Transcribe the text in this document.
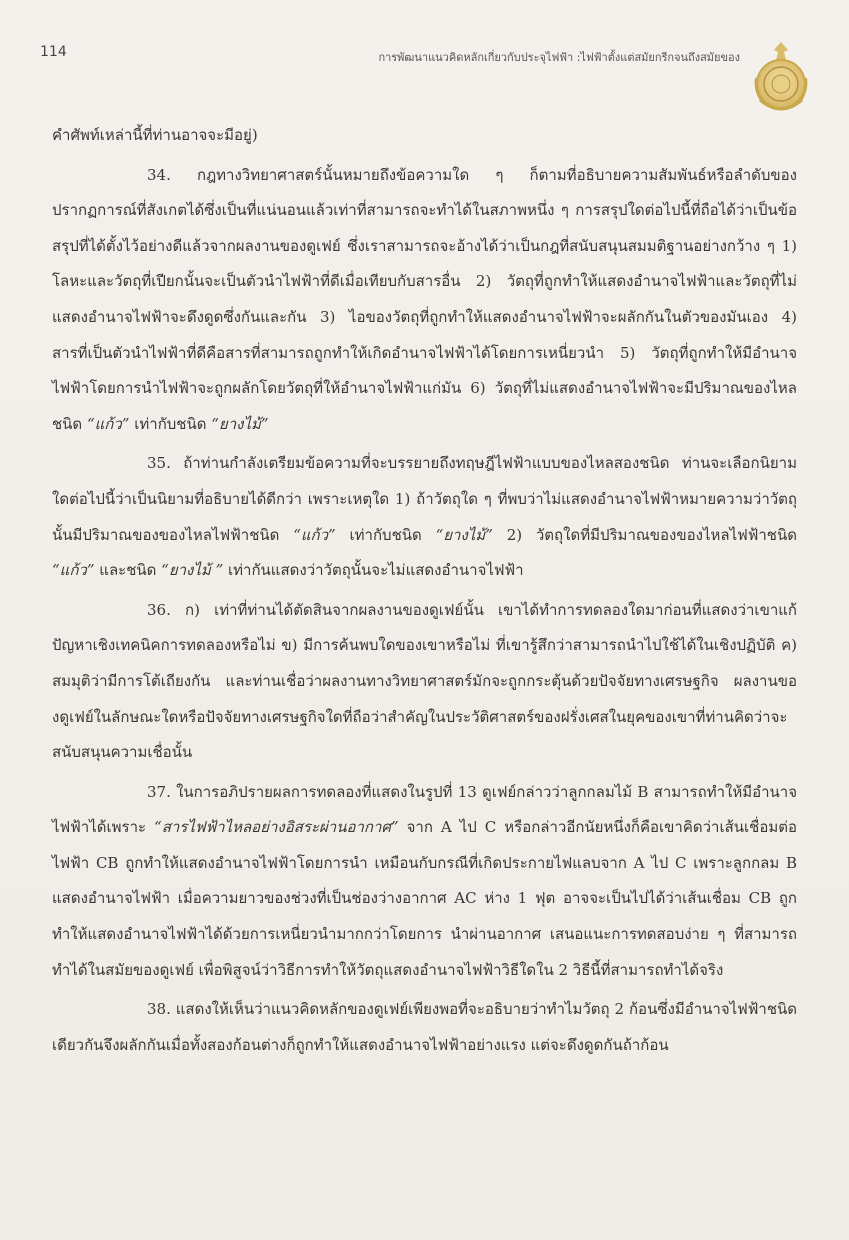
114	การพัฒนาแนวคิดหลักเกี่ยวกับประจุไฟฟ้า :ไฟฟ้าตั้งแต่สมัยกรีกจนถึงสมัยของ

คำศัพท์เหล่านี้ที่ท่านอาจจะมีอยู่)

34. กฎทางวิทยาศาสตร์นั้นหมายถึงข้อความใด ๆ ก็ตามที่อธิบายความสัมพันธ์หรือลำดับของปรากฏการณ์ที่สังเกตได้ซึ่งเป็นที่แน่นอนแล้วเท่าที่สามารถจะทำได้ในสภาพหนึ่ง ๆ การสรุปใดต่อไปนี้ที่ถือได้ว่าเป็นข้อสรุปที่ได้ตั้งไว้อย่างดีแล้วจากผลงานของดูเฟย์ ซึ่งเราสามารถจะอ้างได้ว่าเป็นกฎที่สนับสนุนสมมติฐานอย่างกว้าง ๆ 1) โลหะและวัตถุที่เปียกนั้นจะเป็นตัวนำไฟฟ้าที่ดีเมื่อเทียบกับสารอื่น 2) วัตถุที่ถูกทำให้แสดงอำนาจไฟฟ้าและวัตถุที่ไม่แสดงอำนาจไฟฟ้าจะดึงดูดซึ่งกันและกัน 3) ไอของวัตถุที่ถูกทำให้แสดงอำนาจไฟฟ้าจะผลักกันในตัวของมันเอง 4) สารที่เป็นตัวนำไฟฟ้าที่ดีคือสารที่สามารถถูกทำให้เกิดอำนาจไฟฟ้าได้โดยการเหนี่ยวนำ 5) วัตถุที่ถูกทำให้มีอำนาจไฟฟ้าโดยการนำไฟฟ้าจะถูกผลักโดยวัตถุที่ให้อำนาจไฟฟ้าแก่มัน 6) วัตถุที่ไม่แสดงอำนาจไฟฟ้าจะมีปริมาณของไหลชนิด “แก้ว” เท่ากับชนิด “ยางไม้”

35. ถ้าท่านกำลังเตรียมข้อความที่จะบรรยายถึงทฤษฎีไฟฟ้าแบบของไหลสองชนิด ท่านจะเลือกนิยามใดต่อไปนี้ว่าเป็นนิยามที่อธิบายได้ดีกว่า เพราะเหตุใด 1) ถ้าวัตถุใด ๆ ที่พบว่าไม่แสดงอำนาจไฟฟ้าหมายความว่าวัตถุนั้นมีปริมาณของของไหลไฟฟ้าชนิด “แก้ว” เท่ากับชนิด “ยางไม้” 2) วัตถุใดที่มีปริมาณของของไหลไฟฟ้าชนิด “แก้ว” และชนิด “ยางไม้ ” เท่ากันแสดงว่าวัตถุนั้นจะไม่แสดงอำนาจไฟฟ้า

36. ก) เท่าที่ท่านได้ตัดสินจากผลงานของดูเฟย์นั้น เขาได้ทำการทดลองใดมาก่อนที่แสดงว่าเขาแก้ปัญหาเชิงเทคนิคการทดลองหรือไม่ ข) มีการค้นพบใดของเขาหรือไม่ ที่เขารู้สึกว่าสามารถนำไปใช้ได้ในเชิงปฏิบัติ ค) สมมุติว่ามีการโต้เถียงกัน และท่านเชื่อว่าผลงานทางวิทยาศาสตร์มักจะถูกกระตุ้นด้วยปัจจัยทางเศรษฐกิจ ผลงานของดูเฟย์ในลักษณะใดหรือปัจจัยทางเศรษฐกิจใดที่ถือว่าสำคัญในประวัติศาสตร์ของฝรั่งเศสในยุคของเขาที่ท่านคิดว่าจะสนับสนุนความเชื่อนั้น

37. ในการอภิปรายผลการทดลองที่แสดงในรูปที่ 13 ดูเฟย์กล่าวว่าลูกกลมไม้ B สามารถทำให้มีอำนาจไฟฟ้าได้เพราะ “สารไฟฟ้าไหลอย่างอิสระผ่านอากาศ” จาก A ไป C หรือกล่าวอีกนัยหนึ่งก็คือเขาคิดว่าเส้นเชื่อมต่อไฟฟ้า CB ถูกทำให้แสดงอำนาจไฟฟ้าโดยการนำ เหมือนกับกรณีที่เกิดประกายไฟแลบจาก A ไป C เพราะลูกกลม B แสดงอำนาจไฟฟ้า เมื่อความยาวของช่วงที่เป็นช่องว่างอากาศ AC ห่าง 1 ฟุต อาจจะเป็นไปได้ว่าเส้นเชื่อม CB ถูกทำให้แสดงอำนาจไฟฟ้าได้ด้วยการเหนี่ยวนำมากกว่าโดยการ นำผ่านอากาศ เสนอแนะการทดสอบง่าย ๆ ที่สามารถทำได้ในสมัยของดูเฟย์ เพื่อพิสูจน์ว่าวิธีการทำให้วัตถุแสดงอำนาจไฟฟ้าวิธีใดใน 2 วิธีนี้ที่สามารถทำได้จริง

38. แสดงให้เห็นว่าแนวคิดหลักของดูเฟย์เพียงพอที่จะอธิบายว่าทำไมวัตถุ 2 ก้อนซึ่งมีอำนาจไฟฟ้าชนิดเดียวกันจึงผลักกันเมื่อทั้งสองก้อนต่างก็ถูกทำให้แสดงอำนาจไฟฟ้าอย่างแรง แต่จะดึงดูดกันถ้าก้อน
